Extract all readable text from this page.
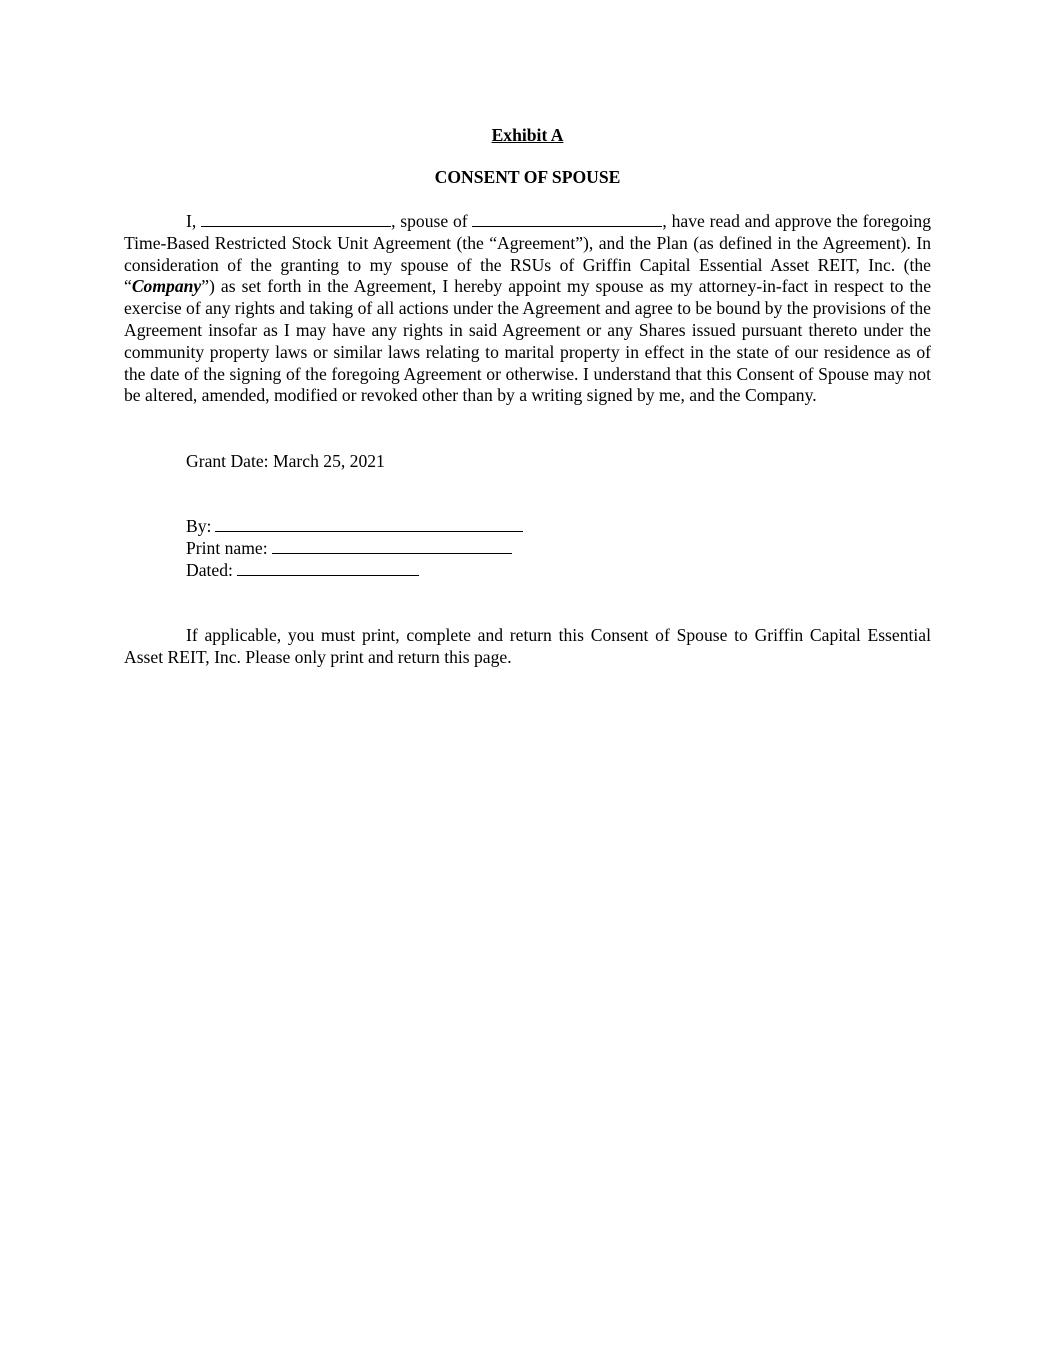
Exhibit A
CONSENT OF SPOUSE

I,	, spouse of	, have read and approve the foregoing Time-Based Restricted Stock Unit Agreement (the “Agreement”), and the Plan (as defined in the Agreement). In consideration of the granting to my spouse of the RSUs of Griffin Capital Essential Asset REIT, Inc. (the “Company”) as set forth in the Agreement, I hereby appoint my spouse as my attorney-in-fact in respect to the exercise of any rights and taking of all actions under the Agreement and agree to be bound by the provisions of the Agreement insofar as I may have any rights in said Agreement or any Shares issued pursuant thereto under the community property laws or similar laws relating to marital property in effect in the state of our residence as of the date of the signing of the foregoing Agreement or otherwise. I understand that this Consent of Spouse may not be altered, amended, modified or revoked other than by a writing signed by me, and the Company.

Grant Date: March 25, 2021
By:
Print name:
Dated:

If applicable, you must print, complete and return this Consent of Spouse to Griffin Capital Essential Asset REIT, Inc. Please only print and return this page.
